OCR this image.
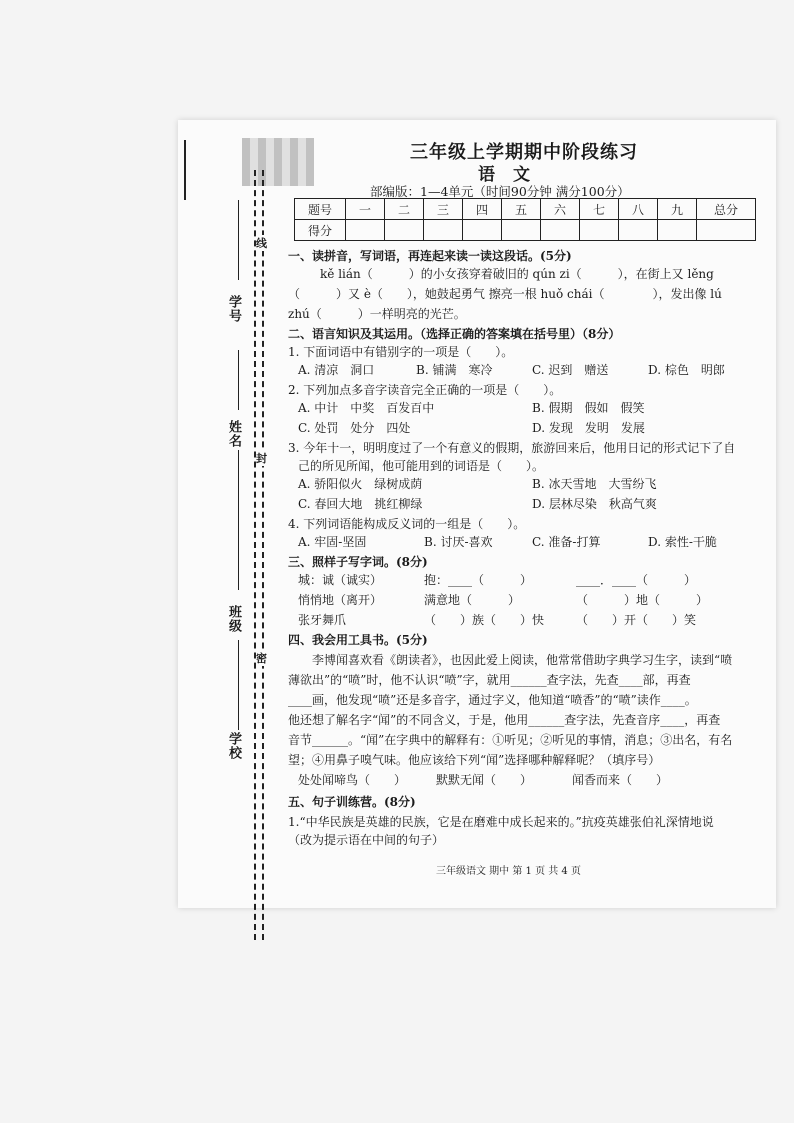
线
封
密
学号
姓名
班级
学校
三年级上学期期中阶段练习
语文
部编版：1—4单元（时间90分钟 满分100分）
题号	一	二	三	四	五	六	七	八	九	总分
得分										
一、读拼音，写词语，再连起来读一读这段话。(5分)
kě lián（　　　）的小女孩穿着破旧的 qún zi（　　　），在街上又 lěng
（　　　）又 è（　　），她鼓起勇气 擦亮一根 huǒ chái（　　　　），发出像 lú
zhú（　　　）一样明亮的光芒。
二、语言知识及其运用。（选择正确的答案填在括号里）（8分）
1. 下面词语中有错别字的一项是（　　）。
A. 清凉　洞口	B. 铺满　寒冷	C. 迟到　赠送	D. 棕色　明郎
2. 下列加点多音字读音完全正确的一项是（　　）。
A. 中计　中奖　百发百中	B. 假期　假如　假笑
C. 处罚　处分　四处	D. 发现　发明　发展
3. 今年十一，明明度过了一个有意义的假期，旅游回来后，他用日记的形式记下了自
己的所见所闻，他可能用到的词语是（　　）。
A. 骄阳似火　绿树成荫	B. 冰天雪地　大雪纷飞
C. 春回大地　挑红柳绿	D. 层林尽染　秋高气爽
4. 下列词语能构成反义词的一组是（　　）。
A. 牢固-坚固	B. 讨厌-喜欢	C. 准备-打算	D. 索性-干脆
三、照样子写字词。(8分)
城：诚（诚实）	抱：____（　　　）	____．____（　　　）
悄悄地（离开）	满意地（　　　）	（　　　）地（　　　）
张牙舞爪	（　　）族（　　）快	（　　）开（　　）笑
四、我会用工具书。(5分)
李博闻喜欢看《朗读者》，也因此爱上阅读，他常常借助字典学习生字，读到“喷
薄欲出”的“喷”时，他不认识“喷”字，就用______查字法，先查____部，再查
____画，他发现“喷”还是多音字，通过字义，他知道“喷香”的“喷”读作____。
他还想了解名字“闻”的不同含义，于是，他用______查字法，先查音序____，再查
音节______。“闻”在字典中的解释有：①听见；②听见的事情，消息；③出名，有名
望；④用鼻子嗅气味。他应该给下列“闻”选择哪种解释呢？（填序号）
处处闻啼鸟（　　） 默默无闻（　　）	闻香而来（　　）
五、句子训练营。(8分)
1.“中华民族是英雄的民族，它是在磨难中成长起来的。”抗疫英雄张伯礼深情地说
（改为提示语在中间的句子）
三年级语文 期中 第 1 页 共 4 页
